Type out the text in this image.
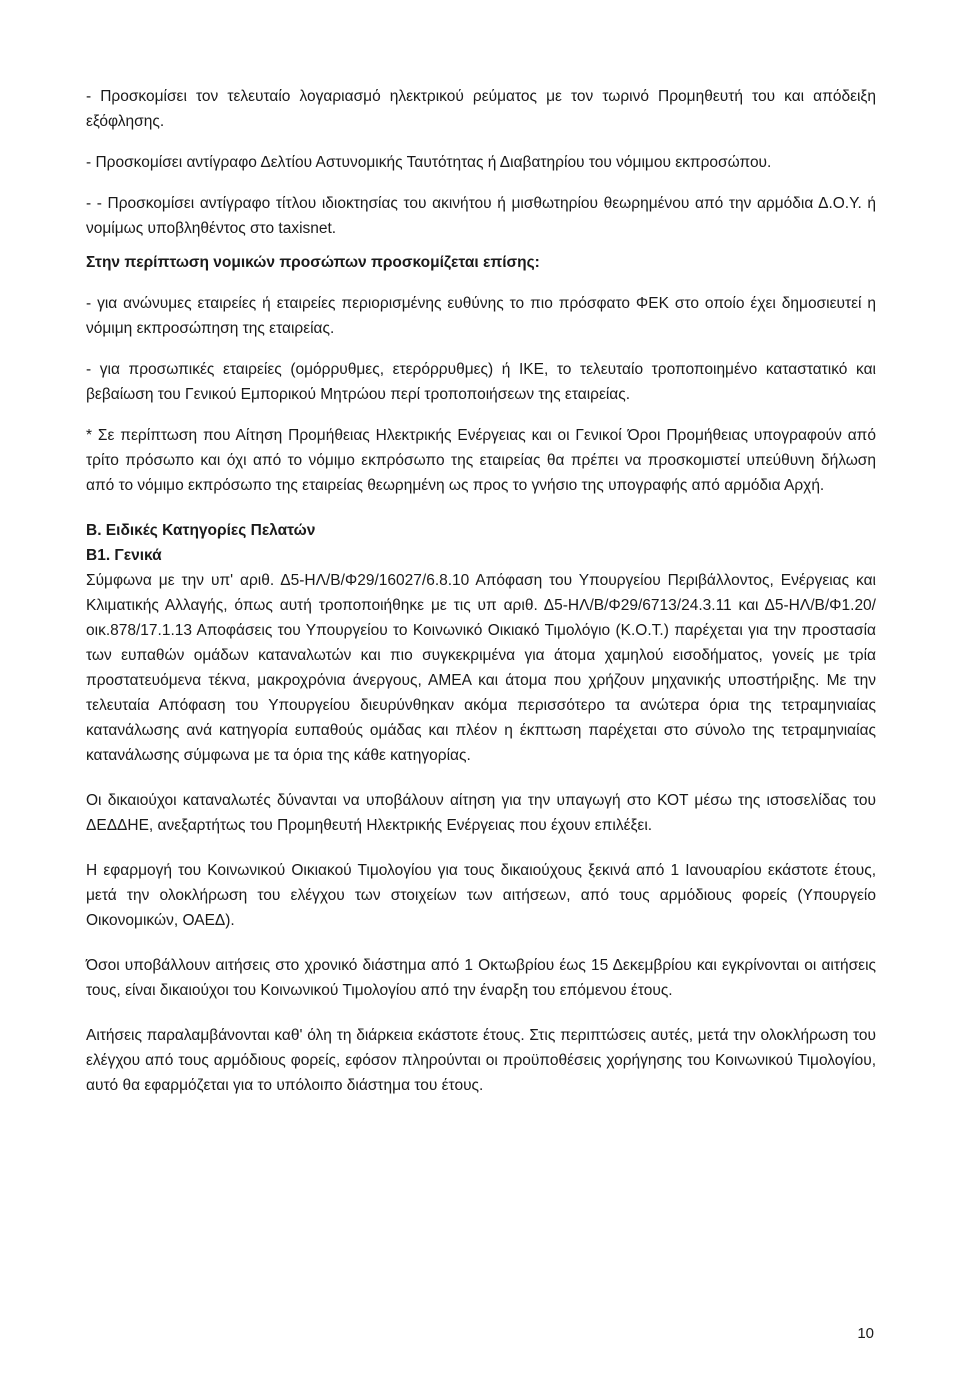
- Προσκομίσει τον τελευταίο λογαριασμό ηλεκτρικού ρεύματος με τον τωρινό Προμηθευτή του και απόδειξη εξόφλησης.

- Προσκομίσει αντίγραφο Δελτίου Αστυνομικής Ταυτότητας ή Διαβατηρίου του νόμιμου εκπροσώπου.

- - Προσκομίσει αντίγραφο τίτλου ιδιοκτησίας του ακινήτου ή μισθωτηρίου θεωρημένου από την αρμόδια Δ.Ο.Υ. ή νομίμως υποβληθέντος στο taxisnet.

Στην περίπτωση νομικών προσώπων προσκομίζεται επίσης:

- για ανώνυμες εταιρείες ή εταιρείες περιορισμένης ευθύνης το πιο πρόσφατο ΦΕΚ στο οποίο έχει δημοσιευτεί η νόμιμη εκπροσώπηση της εταιρείας.

- για προσωπικές εταιρείες (ομόρρυθμες, ετερόρρυθμες) ή ΙΚΕ, το τελευταίο τροποποιημένο καταστατικό και βεβαίωση του Γενικού Εμπορικού Μητρώου περί τροποποιήσεων της εταιρείας.

* Σε περίπτωση που Αίτηση Προμήθειας Ηλεκτρικής Ενέργειας και οι Γενικοί Όροι Προμήθειας υπογραφούν από τρίτο πρόσωπο και όχι από το νόμιμο εκπρόσωπο της εταιρείας θα πρέπει να προσκομιστεί υπεύθυνη δήλωση από το νόμιμο εκπρόσωπο της εταιρείας θεωρημένη ως προς το γνήσιο της υπογραφής από αρμόδια Αρχή.

Β. Ειδικές Κατηγορίες Πελατών

Β1. Γενικά

Σύμφωνα με την υπ' αριθ. Δ5-ΗΛ/Β/Φ29/16027/6.8.10 Απόφαση του Υπουργείου Περιβάλλοντος, Ενέργειας και Κλιματικής Αλλαγής, όπως αυτή τροποποιήθηκε με τις υπ αριθ. Δ5-ΗΛ/Β/Φ29/6713/24.3.11 και Δ5-ΗΛ/Β/Φ1.20/οικ.878/17.1.13 Αποφάσεις του Υπουργείου το Κοινωνικό Οικιακό Τιμολόγιο (Κ.Ο.Τ.) παρέχεται για την προστασία των ευπαθών ομάδων καταναλωτών και πιο συγκεκριμένα για άτομα χαμηλού εισοδήματος, γονείς με τρία προστατευόμενα τέκνα, μακροχρόνια άνεργους, ΑΜΕΑ και άτομα που χρήζουν μηχανικής υποστήριξης. Με την τελευταία Απόφαση του Υπουργείου διευρύνθηκαν ακόμα περισσότερο τα ανώτερα όρια της τετραμηνιαίας κατανάλωσης ανά κατηγορία ευπαθούς ομάδας και πλέον η έκπτωση παρέχεται στο σύνολο της τετραμηνιαίας κατανάλωσης σύμφωνα με τα όρια της κάθε κατηγορίας.

Οι δικαιούχοι καταναλωτές δύνανται να υποβάλουν αίτηση για την υπαγωγή στο ΚΟΤ μέσω της ιστοσελίδας του ΔΕΔΔΗΕ, ανεξαρτήτως του Προμηθευτή Ηλεκτρικής Ενέργειας που έχουν επιλέξει.

Η εφαρμογή του Κοινωνικού Οικιακού Τιμολογίου για τους δικαιούχους ξεκινά από 1 Ιανουαρίου εκάστοτε έτους, μετά την ολοκλήρωση του ελέγχου των στοιχείων των αιτήσεων, από τους αρμόδιους φορείς (Υπουργείο Οικονομικών, ΟΑΕΔ).

Όσοι υποβάλλουν αιτήσεις στο χρονικό διάστημα από 1 Οκτωβρίου έως 15 Δεκεμβρίου και εγκρίνονται οι αιτήσεις τους, είναι δικαιούχοι του Κοινωνικού Τιμολογίου από την έναρξη του επόμενου έτους.

Αιτήσεις παραλαμβάνονται καθ' όλη τη διάρκεια εκάστοτε έτους. Στις περιπτώσεις αυτές, μετά την ολοκλήρωση του ελέγχου από τους αρμόδιους φορείς, εφόσον πληρούνται οι προϋποθέσεις χορήγησης του Κοινωνικού Τιμολογίου, αυτό θα εφαρμόζεται για το υπόλοιπο διάστημα του έτους.

10
